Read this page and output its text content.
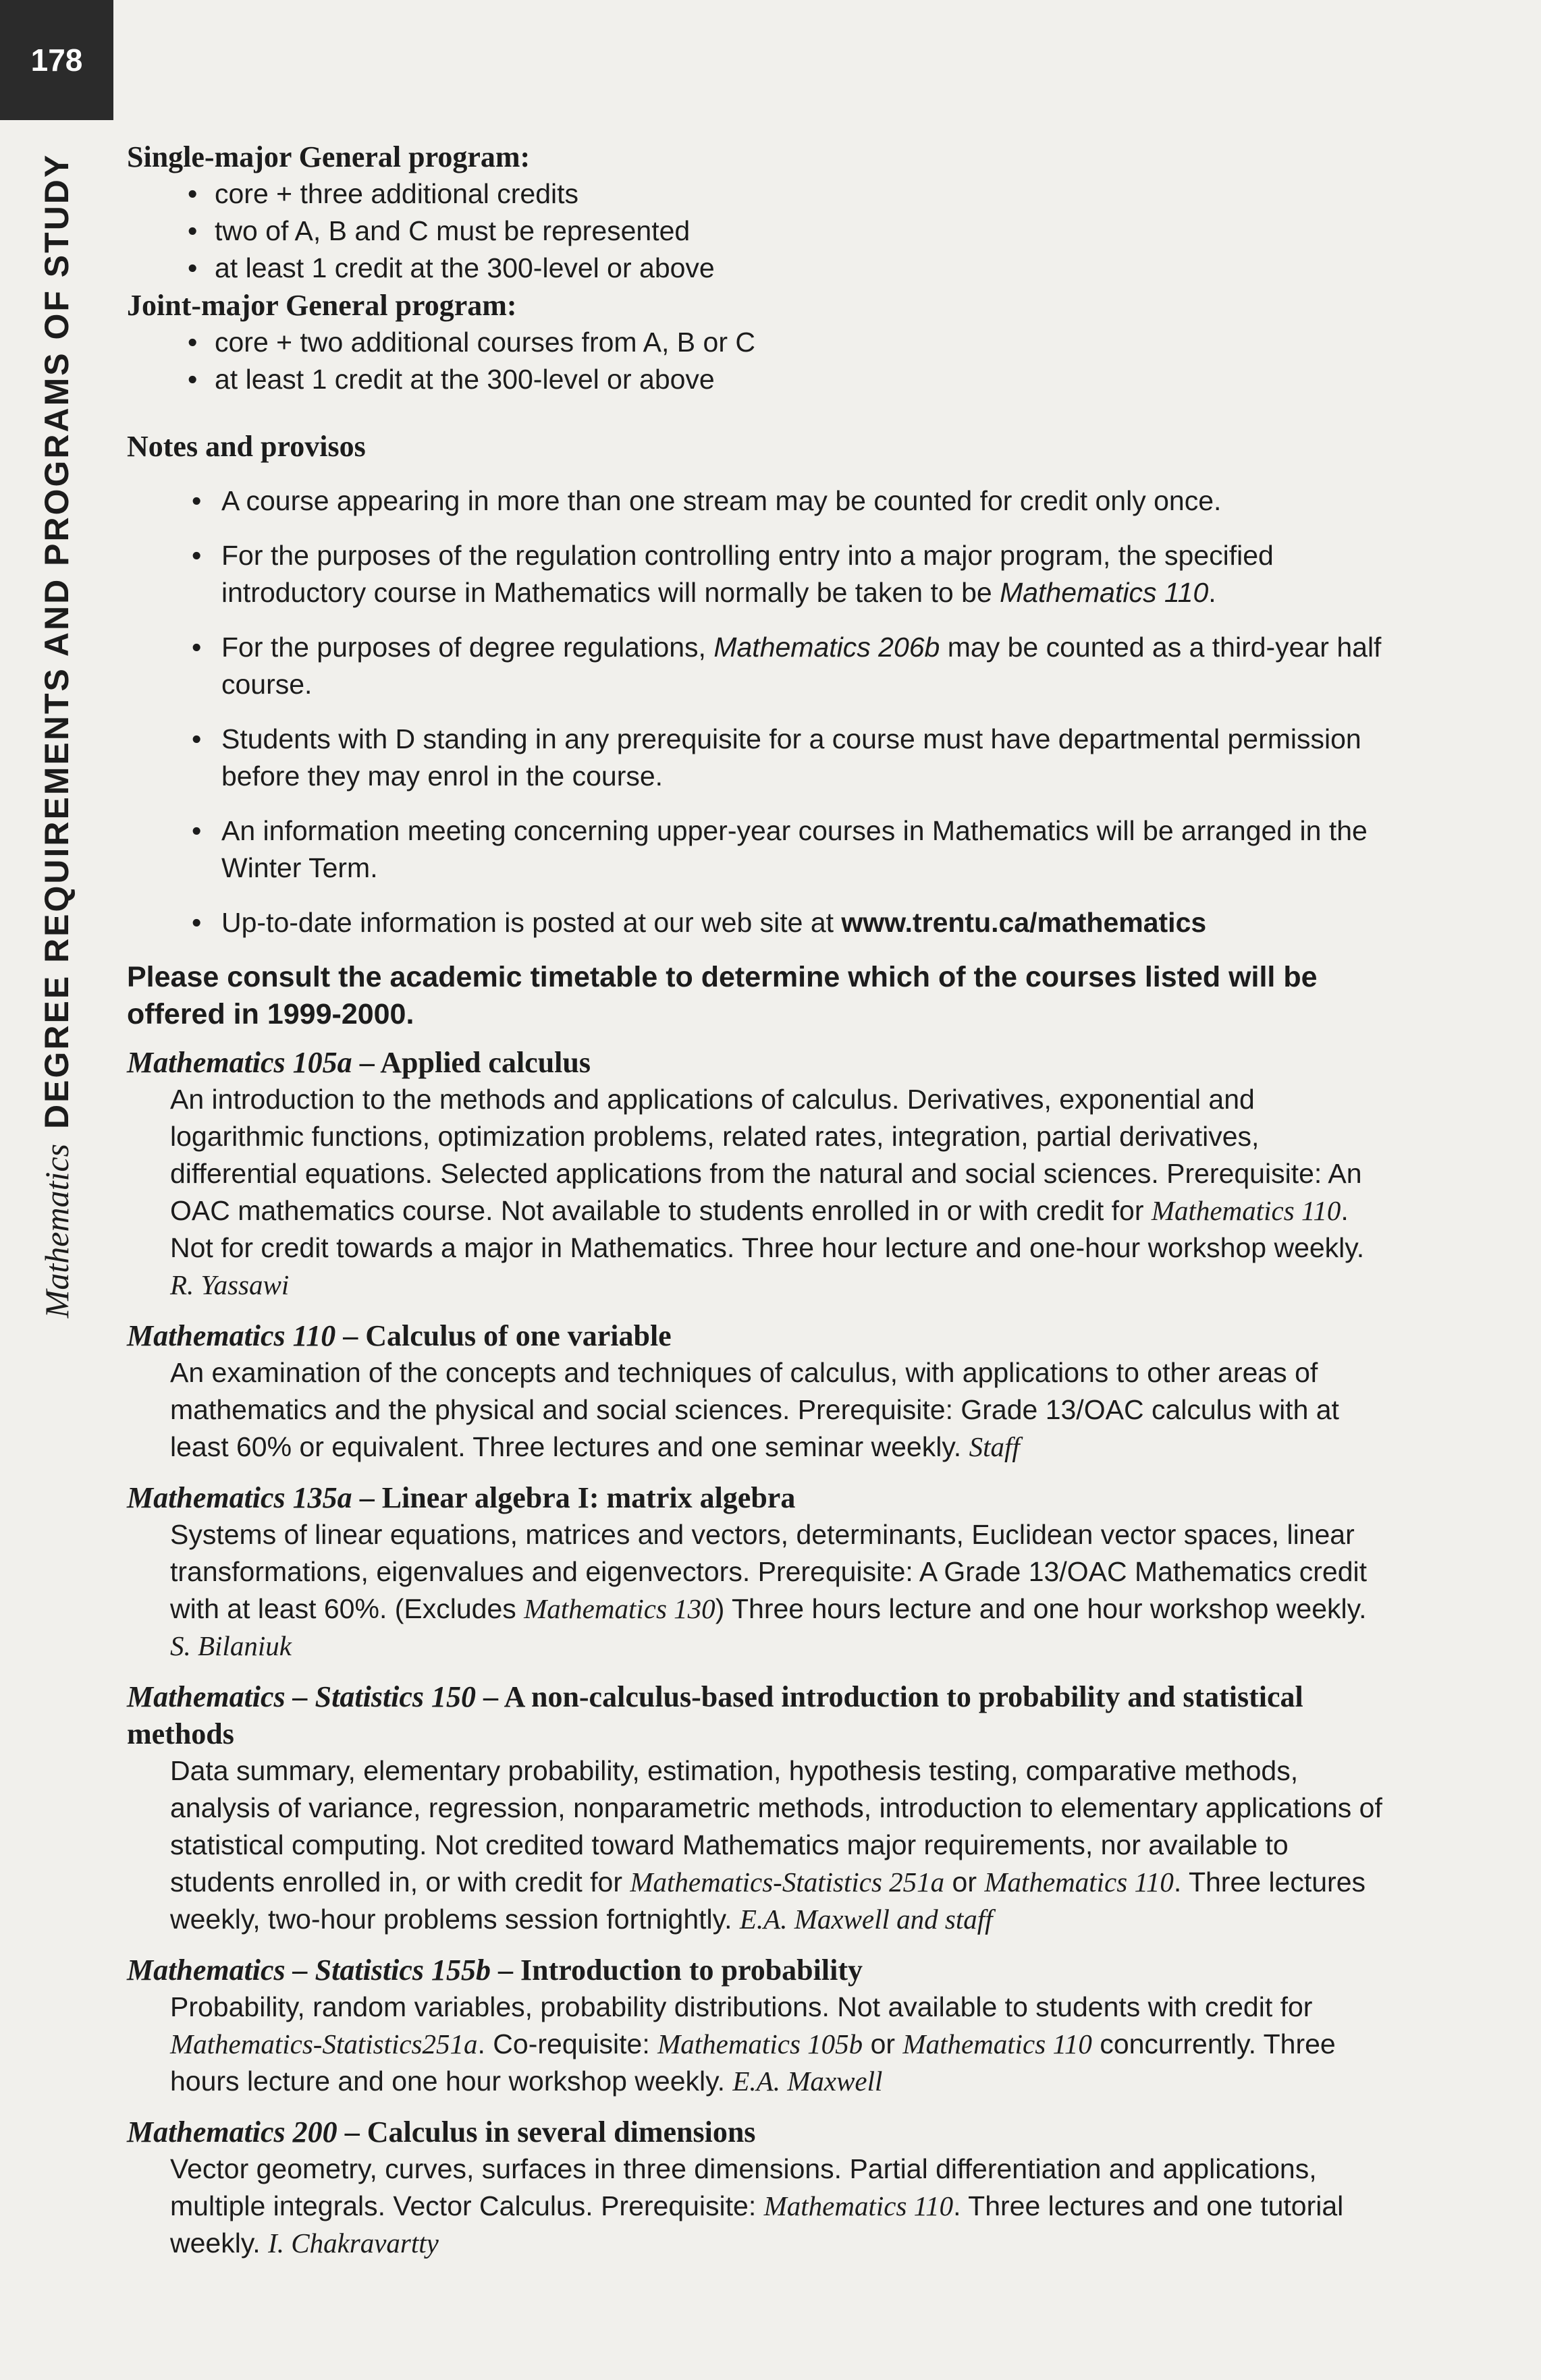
178
MathematicsDEGREE REQUIREMENTS AND PROGRAMS OF STUDY Single-major General program:
• core + three additional credits
• two of A, B and C must be represented
• at least 1 credit at the 300-level or above
Joint-major General program:
• core + two additional courses from A, B or C
• at least 1 credit at the 300-level or above
Notes and provisos
• A course appearing in more than one stream may be counted for credit only once.
• For the purposes of the regulation controlling entry into a major program, the specified introductory course in Mathematics will normally be taken to be Mathematics 110.
• For the purposes of degree regulations, Mathematics 206b may be counted as a third-year half course.
• Students with D standing in any prerequisite for a course must have departmental permission before they may enrol in the course.
• An information meeting concerning upper-year courses in Mathematics will be arranged in the Winter Term.
• Up-to-date information is posted at our web site at www.trentu.ca/mathematics
Please consult the academic timetable to determine which of the courses listed will be offered in 1999-2000.
Mathematics 105a – Applied calculus
An introduction to the methods and applications of calculus. Derivatives, exponential and logarithmic functions, optimization problems, related rates, integration, partial derivatives, differential equations. Selected applications from the natural and social sciences. Prerequisite: An OAC mathematics course. Not available to students enrolled in or with credit for Mathematics 110. Not for credit towards a major in Mathematics. Three hour lecture and one-hour workshop weekly. R. Yassawi
Mathematics 110 – Calculus of one variable
An examination of the concepts and techniques of calculus, with applications to other areas of mathematics and the physical and social sciences. Prerequisite: Grade 13/OAC calculus with at least 60% or equivalent. Three lectures and one seminar weekly. Staff
Mathematics 135a – Linear algebra I: matrix algebra
Systems of linear equations, matrices and vectors, determinants, Euclidean vector spaces, linear transformations, eigenvalues and eigenvectors. Prerequisite: A Grade 13/OAC Mathematics credit with at least 60%. (Excludes Mathematics 130) Three hours lecture and one hour workshop weekly. S. Bilaniuk
Mathematics – Statistics 150 – A non-calculus-based introduction to probability and statistical methods
Data summary, elementary probability, estimation, hypothesis testing, comparative methods, analysis of variance, regression, nonparametric methods, introduction to elementary applications of statistical computing. Not credited toward Mathematics major requirements, nor available to students enrolled in, or with credit for Mathematics-Statistics 251a or Mathematics 110. Three lectures weekly, two-hour problems session fortnightly. E.A. Maxwell and staff
Mathematics – Statistics 155b – Introduction to probability
Probability, random variables, probability distributions. Not available to students with credit for Mathematics-Statistics251a. Co-requisite: Mathematics 105b or Mathematics 110 concurrently. Three hours lecture and one hour workshop weekly. E.A. Maxwell
Mathematics 200 – Calculus in several dimensions
Vector geometry, curves, surfaces in three dimensions. Partial differentiation and applications, multiple integrals. Vector Calculus. Prerequisite: Mathematics 110. Three lectures and one tutorial weekly. I. Chakravartty
